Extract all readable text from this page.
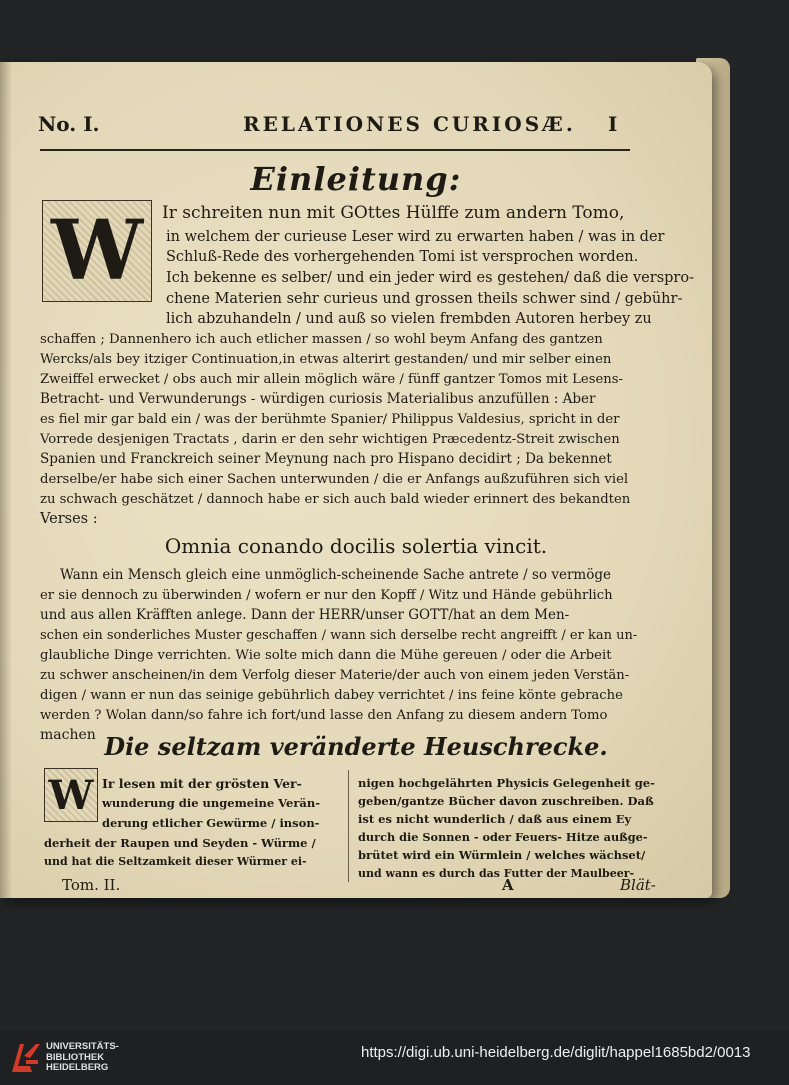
No. I.	RELATIONES CURIOSÆ. I
Einleitung:
W	Ir schreiten nun mit GOttes Hülffe zum andern Tomo,
in welchem der curieuse Leser wird zu erwarten haben / was in der
Schluß-Rede des vorhergehenden Tomi ist versprochen worden.
Ich bekenne es selber/ und ein jeder wird es gestehen/ daß die verspro-
chene Materien sehr curieus und grossen theils schwer sind / gebühr-
lich abzuhandeln / und auß so vielen frembden Autoren herbey zu
schaffen ; Dannenhero ich auch etlicher massen / so wohl beym Anfang des gantzen
Wercks/als bey itziger Continuation,in etwas alterirt gestanden/ und mir selber einen
Zweiffel erwecket / obs auch mir allein möglich wäre / fünff gantzer Tomos mit Lesens-
Betracht- und Verwunderungs - würdigen curiosis Materialibus anzufüllen : Aber
es fiel mir gar bald ein / was der berühmte Spanier/ Philippus Valdesius, spricht in der
Vorrede desjenigen Tractats , darin er den sehr wichtigen Præcedentz-Streit zwischen
Spanien und Franckreich seiner Meynung nach pro Hispano decidirt ; Da bekennet
derselbe/er habe sich einer Sachen unterwunden / die er Anfangs außzuführen sich viel
zu schwach geschätzet / dannoch habe er sich auch bald wieder erinnert des bekandten
Verses :
Omnia conando docilis solertia vincit.
Wann ein Mensch gleich eine unmöglich-scheinende Sache antrete / so vermöge
er sie dennoch zu überwinden / wofern er nur den Kopff / Witz und Hände gebührlich
und aus allen Kräfften anlege. Dann der HERR/unser GOTT/hat an dem Men-
schen ein sonderliches Muster geschaffen / wann sich derselbe recht angreifft / er kan un-
glaubliche Dinge verrichten. Wie solte mich dann die Mühe gereuen / oder die Arbeit
zu schwer anscheinen/in dem Verfolg dieser Materie/der auch von einem jeden Verstän-
digen / wann er nun das seinige gebührlich dabey verrichtet / ins feine könte gebrache
werden ? Wolan dann/so fahre ich fort/und lasse den Anfang zu diesem andern Tomo
machen Die seltzam veränderte Heuschrecke.
W Ir lesen mit der grösten Ver-
wunderung die ungemeine Verän-
derung etlicher Gewürme / inson-
derheit der Raupen und Seyden - Würme /
und hat die Seltzamkeit dieser Würmer ei-
nigen hochgelährten Physicis Gelegenheit ge-
geben/gantze Bücher davon zuschreiben. Daß
ist es nicht wunderlich / daß aus einem Ey
durch die Sonnen - oder Feuers- Hitze außge-
brütet wird ein Würmlein / welches wächset/
und wann es durch das Futter der Maulbeer-
Tom. II.	A	Blät-
UNIVERSITÄTS-
BIBLIOTHEK
HEIDELBERG
https://digi.ub.uni-heidelberg.de/diglit/happel1685bd2/0013
